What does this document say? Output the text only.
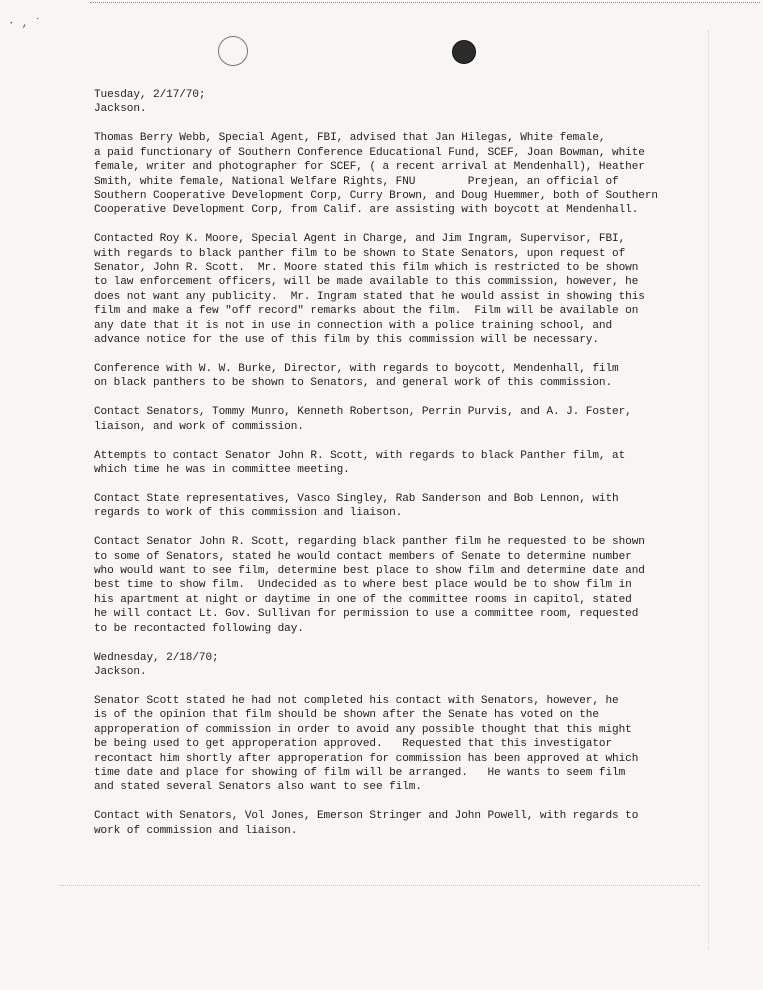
· ‚ ˙
Tuesday, 2/17/70;
Jackson.
Thomas Berry Webb, Special Agent, FBI, advised that Jan Hilegas, White female,
a paid functionary of Southern Conference Educational Fund, SCEF, Joan Bowman, white
female, writer and photographer for SCEF, ( a recent arrival at Mendenhall), Heather
Smith, white female, National Welfare Rights, FNU        Prejean, an official of
Southern Cooperative Development Corp, Curry Brown, and Doug Huemmer, both of Southern
Cooperative Development Corp, from Calif. are assisting with boycott at Mendenhall.
Contacted Roy K. Moore, Special Agent in Charge, and Jim Ingram, Supervisor, FBI,
with regards to black panther film to be shown to State Senators, upon request of
Senator, John R. Scott.  Mr. Moore stated this film which is restricted to be shown
to law enforcement officers, will be made available to this commission, however, he
does not want any publicity.  Mr. Ingram stated that he would assist in showing this
film and make a few "off record" remarks about the film.  Film will be available on
any date that it is not in use in connection with a police training school, and
advance notice for the use of this film by this commission will be necessary.
Conference with W. W. Burke, Director, with regards to boycott, Mendenhall, film
on black panthers to be shown to Senators, and general work of this commission.
Contact Senators, Tommy Munro, Kenneth Robertson, Perrin Purvis, and A. J. Foster,
liaison, and work of commission.
Attempts to contact Senator John R. Scott, with regards to black Panther film, at
which time he was in committee meeting.
Contact State representatives, Vasco Singley, Rab Sanderson and Bob Lennon, with
regards to work of this commission and liaison.
Contact Senator John R. Scott, regarding black panther film he requested to be shown
to some of Senators, stated he would contact members of Senate to determine number
who would want to see film, determine best place to show film and determine date and
best time to show film.  Undecided as to where best place would be to show film in
his apartment at night or daytime in one of the committee rooms in capitol, stated
he will contact Lt. Gov. Sullivan for permission to use a committee room, requested
to be recontacted following day.
Wednesday, 2/18/70;
Jackson.
Senator Scott stated he had not completed his contact with Senators, however, he
is of the opinion that film should be shown after the Senate has voted on the
approperation of commission in order to avoid any possible thought that this might
be being used to get approperation approved.   Requested that this investigator
recontact him shortly after approperation for commission has been approved at which
time date and place for showing of film will be arranged.   He wants to seem film
and stated several Senators also want to see film.
Contact with Senators, Vol Jones, Emerson Stringer and John Powell, with regards to
work of commission and liaison.
